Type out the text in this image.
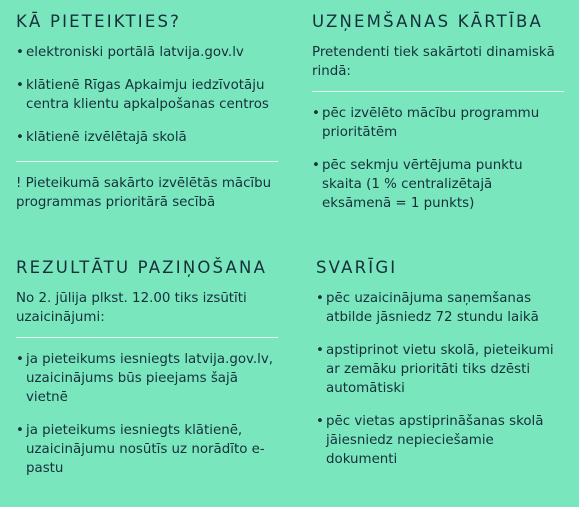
KĀ PIETEIKTIES?
• elektroniski portālā latvija.gov.lv
• klātienē Rīgas Apkaimju iedzīvotāju centra klientu apkalpošanas centros
• klātienē izvēlētajā skolā

! Pieteikumā sakārto izvēlētās mācību programmas prioritārā secībā

UZŅEMŠANAS KĀRTĪBA

Pretendenti tiek sakārtoti dinamiskā rindā:

• pēc izvēlēto mācību programmu prioritātēm
• pēc sekmju vērtējuma punktu skaita (1 % centralizētajā eksāmenā = 1 punkts)
REZULTĀTU PAZIŅOŠANA

No 2. jūlija plkst. 12.00 tiks izsūtīti uzaicinājumi:

• ja pieteikums iesniegts latvija.gov.lv, uzaicinājums būs pieejams šajā vietnē
• ja pieteikums iesniegts klātienē, uzaicinājumu nosūtīs uz norādīto e-pastu
SVARĪGI
• pēc uzaicinājuma saņemšanas atbilde jāsniedz 72 stundu laikā
• apstiprinot vietu skolā, pieteikumi ar zemāku prioritāti tiks dzēsti automātiski
• pēc vietas apstiprināšanas skolā jāiesniedz nepieciešamie dokumenti
